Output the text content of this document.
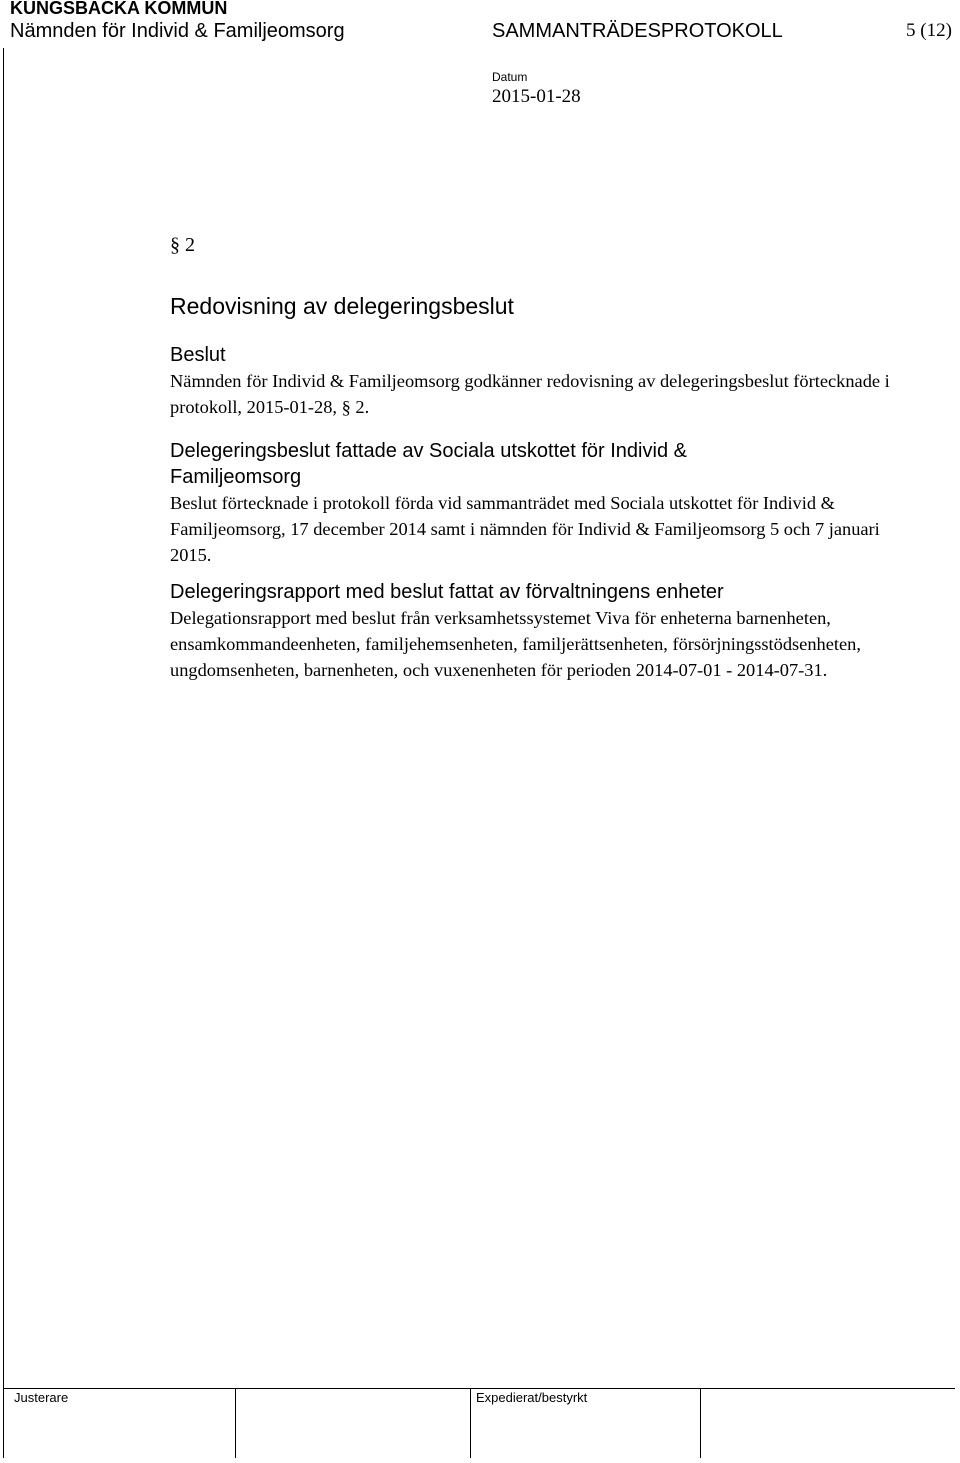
KUNGSBACKA KOMMUN
Nämnden för Individ & Familjeomsorg	SAMMANTRÄDESPROTOKOLL	5 (12)
Datum
2015-01-28
§ 2
Redovisning av delegeringsbeslut
Beslut
Nämnden för Individ & Familjeomsorg godkänner redovisning av delegeringsbeslut förtecknade i protokoll, 2015-01-28, § 2.
Delegeringsbeslut fattade av Sociala utskottet för Individ & Familjeomsorg
Beslut förtecknade i protokoll förda vid sammanträdet med Sociala utskottet för Individ & Familjeomsorg, 17 december 2014 samt i nämnden för Individ & Familjeomsorg 5 och 7 januari 2015.
Delegeringsrapport med beslut fattat av förvaltningens enheter
Delegationsrapport med beslut från verksamhetssystemet Viva för enheterna barnenheten, ensamkommandeenheten, familjehemsenheten, familjerättsenheten, försörjningsstödsenheten, ungdomsenheten, barnenheten, och vuxenenheten för perioden 2014-07-01 - 2014-07-31.
Justerare	Expedierat/bestyrkt
